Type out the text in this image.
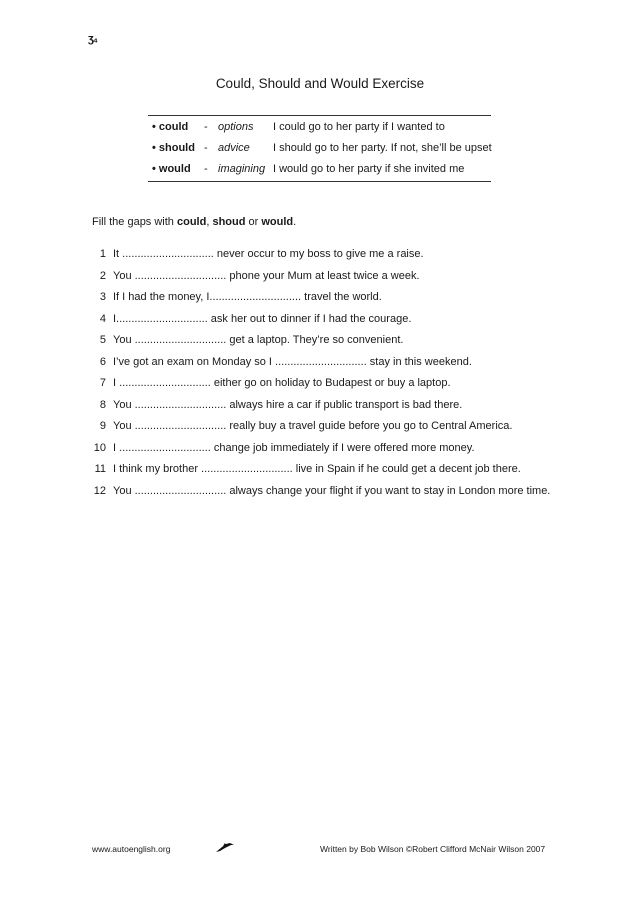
ʒ₄
Could, Should and Would Exercise
• could - options I could go to her party if I wanted to
• should - advice I should go to her party. If not, she’ll be upset
• would - imagining I would go to her party if she invited me
Fill the gaps with could, shoud or would.
1 It .............................. never occur to my boss to give me a raise.
2 You .............................. phone your Mum at least twice a week.
3 If I had the money, I.............................. travel the world.
4 I.............................. ask her out to dinner if I had the courage.
5 You .............................. get a laptop. They’re so convenient.
6 I’ve got an exam on Monday so I .............................. stay in this weekend.
7 I .............................. either go on holiday to Budapest or buy a laptop.
8 You .............................. always hire a car if public transport is bad there.
9 You .............................. really buy a travel guide before you go to Central America.
10 I .............................. change job immediately if I were offered more money.
11 I think my brother .............................. live in Spain if he could get a decent job there.
12 You .............................. always change your flight if you want to stay in London more time.
www.autoenglish.org	Written by Bob Wilson ©Robert Clifford McNair Wilson 2007
